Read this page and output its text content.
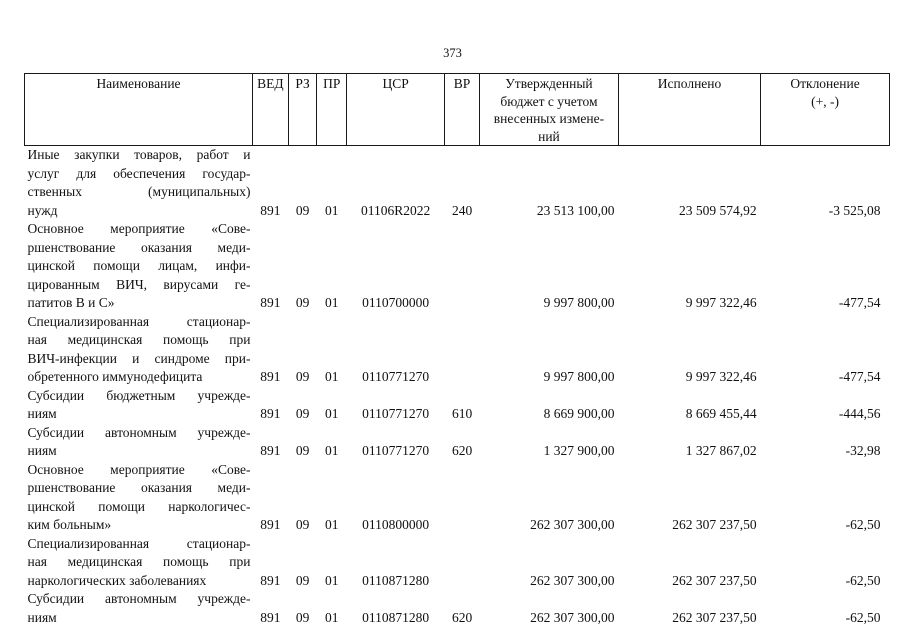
373
Наименование	ВЕД	РЗ	ПР	ЦСР	ВР	Утвержденный
бюджет с учетом
внесенных измене-
ний	Исполнено	Отклонение
(+, -)

Иные закупки товаров, работ и
услуг для обеспечения государ-
ственных (муниципальных)
нужд	891	09	01	01106R2022	240	23 513 100,00	23 509 574,92	-3 525,08

Основное мероприятие «Сове-
ршенствование оказания меди-
цинской помощи лицам, инфи-
цированным ВИЧ, вирусами ге-
патитов В и С»	891	09	01	0110700000		9 997 800,00	9 997 322,46	-477,54

Специализированная стационар-
ная медицинская помощь при
ВИЧ-инфекции и синдроме при-
обретенного иммунодефицита	891	09	01	0110771270		9 997 800,00	9 997 322,46	-477,54

Субсидии бюджетным учрежде-
ниям	891	09	01	0110771270	610	8 669 900,00	8 669 455,44	-444,56

Субсидии автономным учрежде-
ниям	891	09	01	0110771270	620	1 327 900,00	1 327 867,02	-32,98

Основное мероприятие «Сове-
ршенствование оказания меди-
цинской помощи наркологичес-
ким больным»	891	09	01	0110800000		262 307 300,00	262 307 237,50	-62,50

Специализированная стационар-
ная медицинская помощь при
наркологических заболеваниях	891	09	01	0110871280		262 307 300,00	262 307 237,50	-62,50

Субсидии автономным учрежде-
ниям	891	09	01	0110871280	620	262 307 300,00	262 307 237,50	-62,50
